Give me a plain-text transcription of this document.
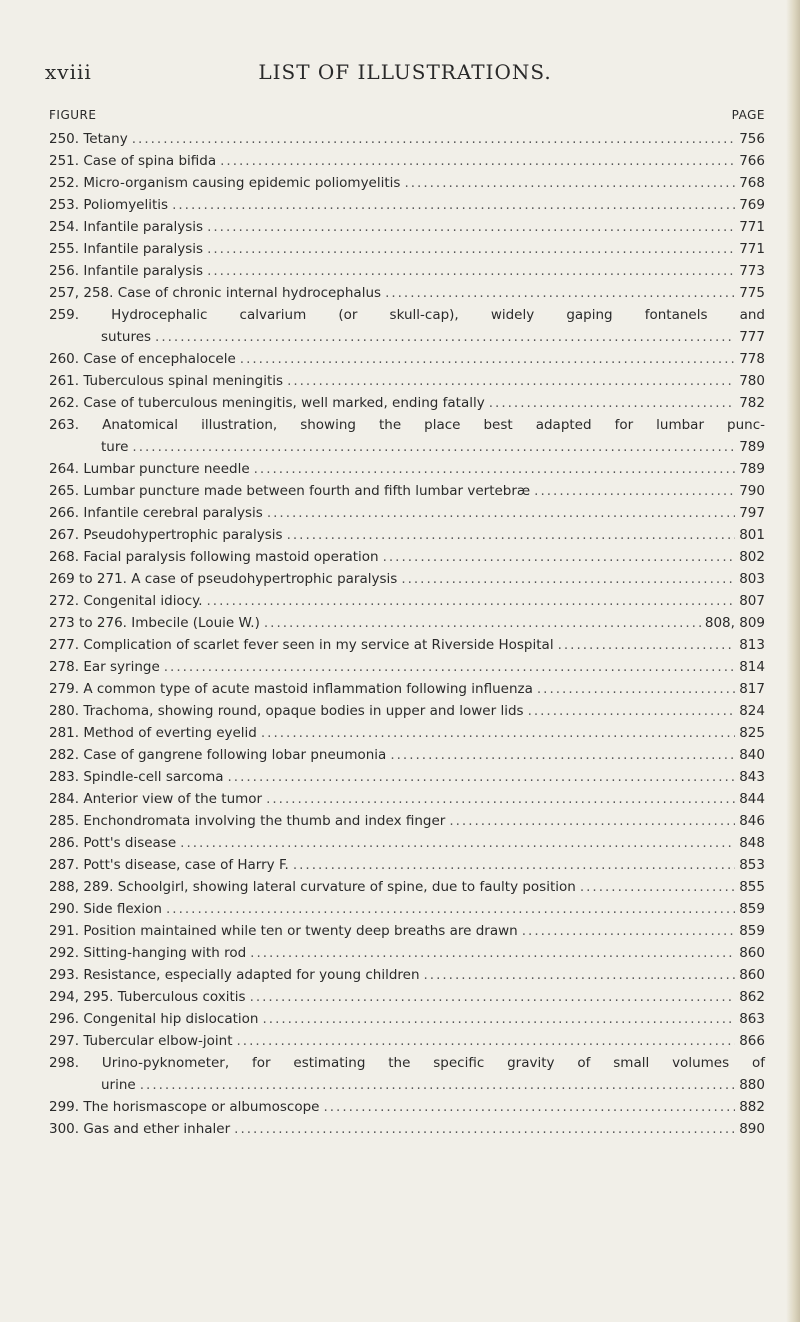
xviii	LIST OF ILLUSTRATIONS.
FIGURE	PAGE
250. Tetany .....	756
251. Case of spina bifida .....	766
252. Micro-organism causing epidemic poliomyelitis .....	768
253. Poliomyelitis .....	769
254. Infantile paralysis .....	771
255. Infantile paralysis .....	771
256. Infantile paralysis .....	773
257, 258. Case of chronic internal hydrocephalus .....	775
259. Hydrocephalic calvarium (or skull-cap), widely gaping fontanels and
sutures .....	777
260. Case of encephalocele .....	778
261. Tuberculous spinal meningitis .....	780
262. Case of tuberculous meningitis, well marked, ending fatally .....	782
263. Anatomical illustration, showing the place best adapted for lumbar punc-
ture .....	789
264. Lumbar puncture needle .....	789
265. Lumbar puncture made between fourth and fifth lumbar vertebræ .....	790
266. Infantile cerebral paralysis .....	797
267. Pseudohypertrophic paralysis .....	801
268. Facial paralysis following mastoid operation .....	802
269 to 271. A case of pseudohypertrophic paralysis .....	803
272. Congenital idiocy. .....	807
273 to 276. Imbecile (Louie W.) .....	808, 809
277. Complication of scarlet fever seen in my service at Riverside Hospital .....	813
278. Ear syringe .....	814
279. A common type of acute mastoid inflammation following influenza .....	817
280. Trachoma, showing round, opaque bodies in upper and lower lids .....	824
281. Method of everting eyelid .....	825
282. Case of gangrene following lobar pneumonia .....	840
283. Spindle-cell sarcoma .....	843
284. Anterior view of the tumor .....	844
285. Enchondromata involving the thumb and index finger .....	846
286. Pott's disease .....	848
287. Pott's disease, case of Harry F. .....	853
288, 289. Schoolgirl, showing lateral curvature of spine, due to faulty position .....	855
290. Side flexion .....	859
291. Position maintained while ten or twenty deep breaths are drawn .....	859
292. Sitting-hanging with rod .....	860
293. Resistance, especially adapted for young children .....	860
294, 295. Tuberculous coxitis .....	862
296. Congenital hip dislocation .....	863
297. Tubercular elbow-joint .....	866
298. Urino-pyknometer, for estimating the specific gravity of small volumes of
urine .....	880
299. The horismascope or albumoscope .....	882
300. Gas and ether inhaler .....	890
